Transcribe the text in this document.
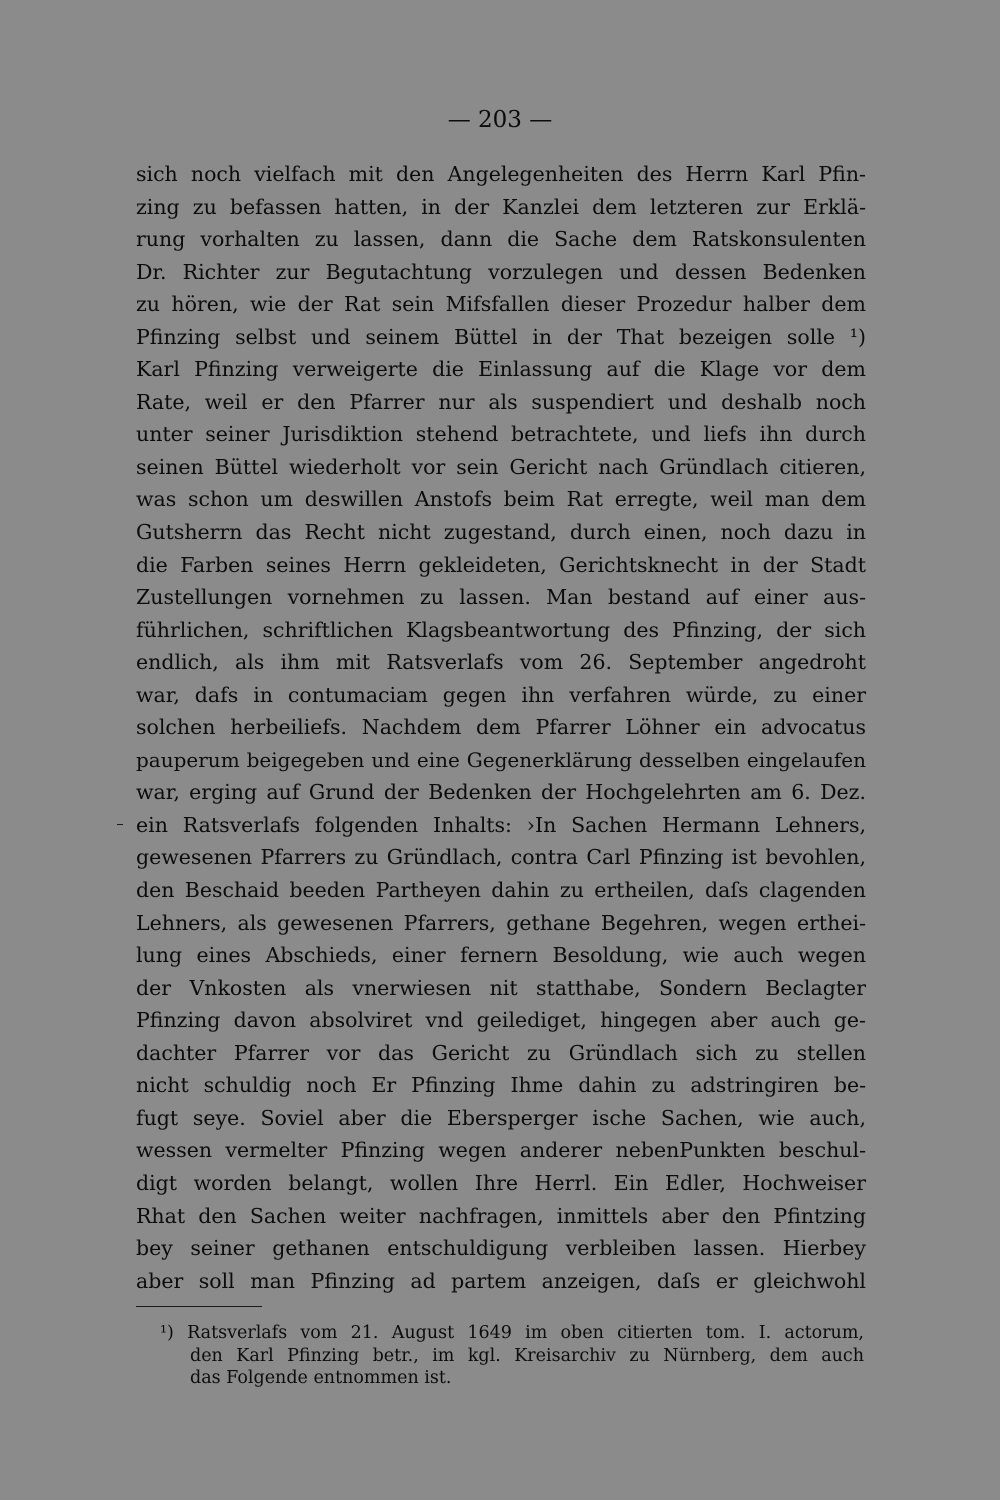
— 203 —
sich noch vielfach mit den Angelegenheiten des Herrn Karl Pfin-
zing zu befassen hatten, in der Kanzlei dem letzteren zur Erklä-
rung vorhalten zu lassen, dann die Sache dem Ratskonsulenten
Dr. Richter zur Begutachtung vorzulegen und dessen Bedenken
zu hören, wie der Rat sein Mifsfallen dieser Prozedur halber dem
Pfinzing selbst und seinem Büttel in der That bezeigen solle ¹)
Karl Pfinzing verweigerte die Einlassung auf die Klage vor dem
Rate, weil er den Pfarrer nur als suspendiert und deshalb noch
unter seiner Jurisdiktion stehend betrachtete, und liefs ihn durch
seinen Büttel wiederholt vor sein Gericht nach Gründlach citieren,
was schon um deswillen Anstofs beim Rat erregte, weil man dem
Gutsherrn das Recht nicht zugestand, durch einen, noch dazu in
die Farben seines Herrn gekleideten, Gerichtsknecht in der Stadt
Zustellungen vornehmen zu lassen. Man bestand auf einer aus-
führlichen, schriftlichen Klagsbeantwortung des Pfinzing, der sich
endlich, als ihm mit Ratsverlafs vom 26. September angedroht
war, dafs in contumaciam gegen ihn verfahren würde, zu einer
solchen herbeiliefs. Nachdem dem Pfarrer Löhner ein advocatus
pauperum beigegeben und eine Gegenerklärung desselben eingelaufen
war, erging auf Grund der Bedenken der Hochgelehrten am 6. Dez.
ein Ratsverlafs folgenden Inhalts: ›In Sachen Hermann Lehners,
gewesenen Pfarrers zu Gründlach, contra Carl Pfinzing ist bevohlen,
den Beschaid beeden Partheyen dahin zu ertheilen, daſs clagenden
Lehners, als gewesenen Pfarrers, gethane Begehren, wegen erthei-
lung eines Abschieds, einer fernern Besoldung, wie auch wegen
der Vnkosten als vnerwiesen nit statthabe, Sondern Beclagter
Pfinzing davon absolviret vnd geilediget, hingegen aber auch ge-
dachter Pfarrer vor das Gericht zu Gründlach sich zu stellen
nicht schuldig noch Er Pfinzing Ihme dahin zu adstringiren be-
fugt seye. Soviel aber die Ebersperger ische Sachen, wie auch,
wessen vermelter Pfinzing wegen anderer nebenPunkten beschul-
digt worden belangt, wollen Ihre Herrl. Ein Edler, Hochweiser
Rhat den Sachen weiter nachfragen, inmittels aber den Pfintzing
bey seiner gethanen entschuldigung verbleiben lassen. Hierbey
aber soll man Pfinzing ad partem anzeigen, daſs er gleichwohl
¹) Ratsverlafs vom 21. August 1649 im oben citierten tom. I. actorum,
den Karl Pfinzing betr., im kgl. Kreisarchiv zu Nürnberg, dem auch
das Folgende entnommen ist.
